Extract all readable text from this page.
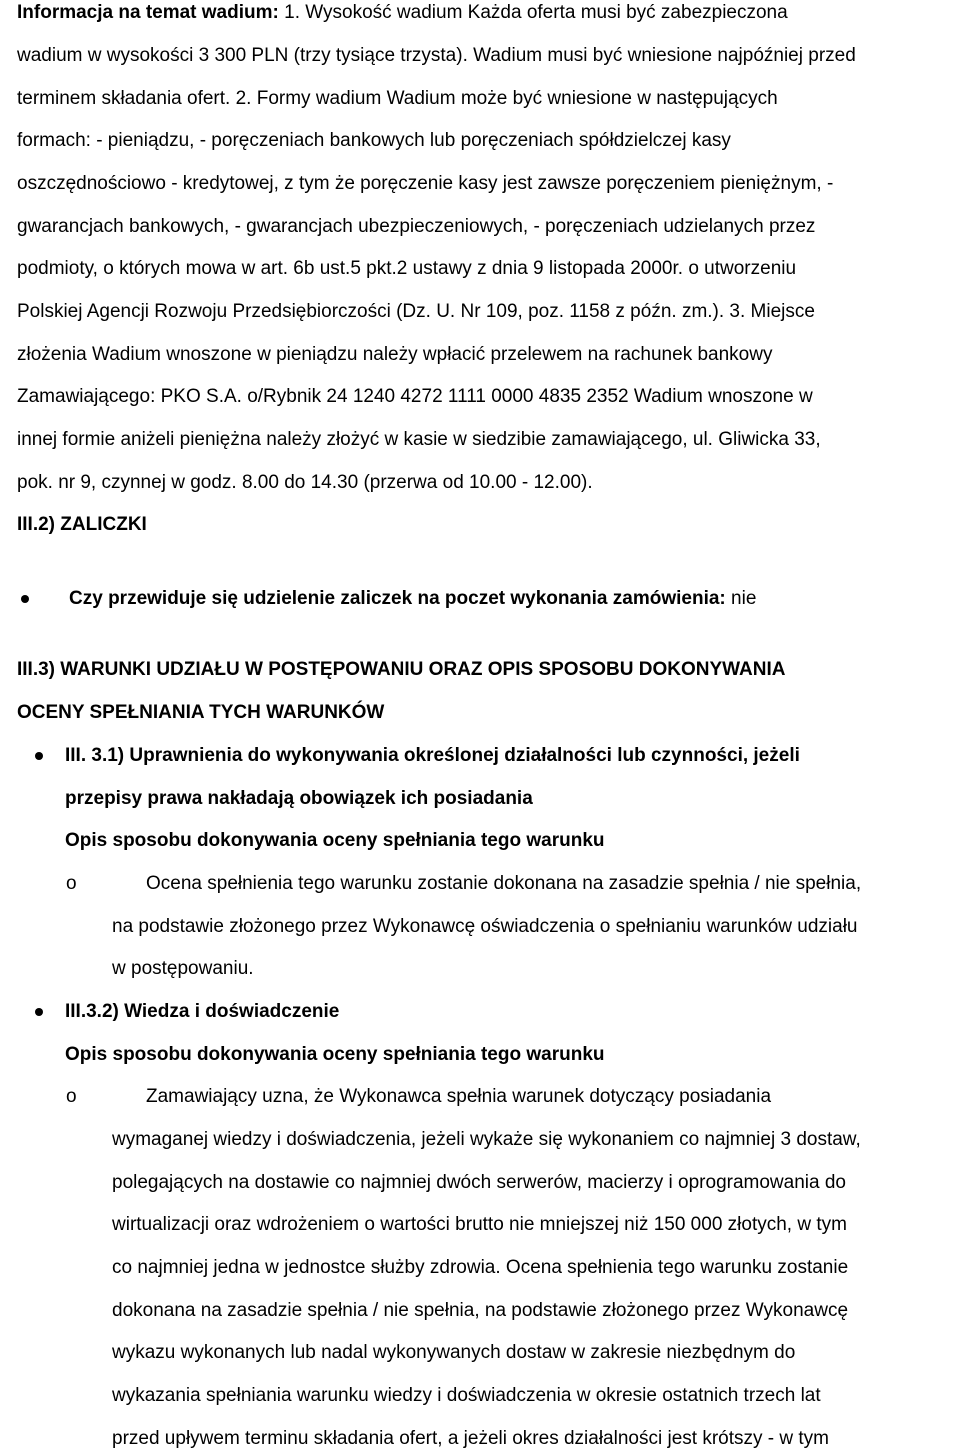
Informacja na temat wadium: 1. Wysokość wadium Każda oferta musi być zabezpieczona
wadium w wysokości 3 300 PLN (trzy tysiące trzysta). Wadium musi być wniesione najpóźniej przed
terminem składania ofert. 2. Formy wadium Wadium może być wniesione w następujących
formach: - pieniądzu, - poręczeniach bankowych lub poręczeniach spółdzielczej kasy
oszczędnościowo - kredytowej, z tym że poręczenie kasy jest zawsze poręczeniem pieniężnym, -
gwarancjach bankowych, - gwarancjach ubezpieczeniowych, - poręczeniach udzielanych przez
podmioty, o których mowa w art. 6b ust.5 pkt.2 ustawy z dnia 9 listopada 2000r. o utworzeniu
Polskiej Agencji Rozwoju Przedsiębiorczości (Dz. U. Nr 109, poz. 1158 z późn. zm.). 3. Miejsce
złożenia Wadium wnoszone w pieniądzu należy wpłacić przelewem na rachunek bankowy
Zamawiającego: PKO S.A. o/Rybnik 24 1240 4272 1111 0000 4835 2352 Wadium wnoszone w
innej formie aniżeli pieniężna należy złożyć w kasie w siedzibie zamawiającego, ul. Gliwicka 33,
pok. nr 9, czynnej w godz. 8.00 do 14.30 (przerwa od 10.00 - 12.00).
III.2) ZALICZKI
Czy przewiduje się udzielenie zaliczek na poczet wykonania zamówienia: nie
III.3) WARUNKI UDZIAŁU W POSTĘPOWANIU ORAZ OPIS SPOSOBU DOKONYWANIA
OCENY SPEŁNIANIA TYCH WARUNKÓW
III. 3.1) Uprawnienia do wykonywania określonej działalności lub czynności, jeżeli
przepisy prawa nakładają obowiązek ich posiadania
Opis sposobu dokonywania oceny spełniania tego warunku
o	Ocena spełnienia tego warunku zostanie dokonana na zasadzie spełnia / nie spełnia,
na podstawie złożonego przez Wykonawcę oświadczenia o spełnianiu warunków udziału
w postępowaniu.
III.3.2) Wiedza i doświadczenie
Opis sposobu dokonywania oceny spełniania tego warunku
o	Zamawiający uzna, że Wykonawca spełnia warunek dotyczący posiadania
wymaganej wiedzy i doświadczenia, jeżeli wykaże się wykonaniem co najmniej 3 dostaw,
polegających na dostawie co najmniej dwóch serwerów, macierzy i oprogramowania do
wirtualizacji oraz wdrożeniem o wartości brutto nie mniejszej niż 150 000 złotych, w tym
co najmniej jedna w jednostce służby zdrowia. Ocena spełnienia tego warunku zostanie
dokonana na zasadzie spełnia / nie spełnia, na podstawie złożonego przez Wykonawcę
wykazu wykonanych lub nadal wykonywanych dostaw w zakresie niezbędnym do
wykazania spełniania warunku wiedzy i doświadczenia w okresie ostatnich trzech lat
przed upływem terminu składania ofert, a jeżeli okres działalności jest krótszy - w tym
